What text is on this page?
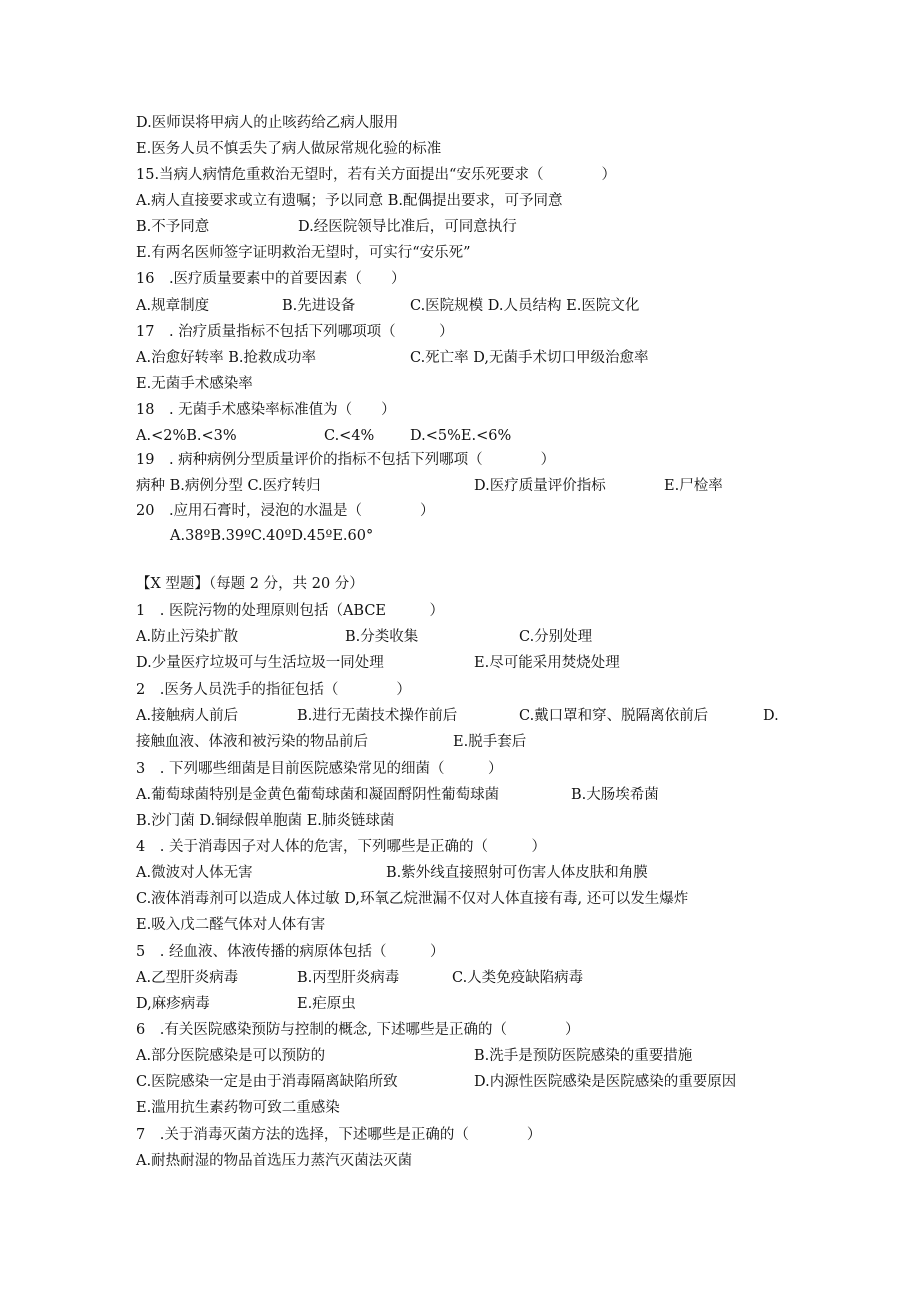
D.医师误将甲病人的止咳药给乙病人服用
E.医务人员不慎丢失了病人做尿常规化验的标准
15.当病人病情危重救治无望时，若有关方面提出“安乐死要求（　　　　）
A.病人直接要求或立有遗嘱；予以同意 B.配偶提出要求，可予同意
B.不予同意	D.经医院领导比准后，可同意执行
E.有两名医师签字证明救治无望时，可实行“安乐死”
16　.医疗质量要素中的首要因素（　　）
A.规章制度	B.先进设备	C.医院规模 D.人员结构 E.医院文化
17　. 治疗质量指标不包括下列哪项项（　　　）
A.治愈好转率 B.抢救成功率	C.死亡率 D,无菌手术切口甲级治愈率
E.无菌手术感染率
18　. 无菌手术感染率标准值为（　　）
A.<2%B.<3%	C.<4% D.<5%E.<6%
19　. 病种病例分型质量评价的指标不包括下列哪项（　　　　）
病种 B.病例分型 C.医疗转归	D.医疗质量评价指标	E.尸检率
20　.应用石膏时，浸泡的水温是（　　　　）
A.38ºB.39ºC.40ºD.45ºE.60°
【X 型题】（每题 2 分，共 20 分）
1　. 医院污物的处理原则包括（ABCE　　　）
A.防止污染扩散	B.分类收集	C.分别处理
D.少量医疗垃圾可与生活垃圾一同处理	E.尽可能采用焚烧处理
2　.医务人员洗手的指征包括（　　　　）
A.接触病人前后	B.进行无菌技术操作前后	C.戴口罩和穿、脱隔离依前后	D.
接触血液、体液和被污染的物品前后	E.脱手套后
3　. 下列哪些细菌是目前医院感染常见的细菌（　　　）
A.葡萄球菌特别是金黄色葡萄球菌和凝固酹阴性葡萄球菌	B.大肠埃希菌
B.沙门菌 D.铜绿假单胞菌 E.肺炎链球菌
4　. 关于消毒因子对人体的危害，下列哪些是正确的（　　　）
A.微波对人体无害	B.紫外线直接照射可伤害人体皮肤和角膜
C.液体消毒剂可以造成人体过敏 D,环氧乙烷泄漏不仅对人体直接有毒, 还可以发生爆炸
E.吸入戊二醛气体对人体有害
5　. 经血液、体液传播的病原体包括（　　　）
A.乙型肝炎病毒	B.丙型肝炎病毒	C.人类免疫缺陷病毒
D,麻疹病毒	E.疟原虫
6　.有关医院感染预防与控制的概念, 下述哪些是正确的（　　　　）
A.部分医院感染是可以预防的	B.洗手是预防医院感染的重要措施
C.医院感染一定是由于消毒隔离缺陷所致	D.内源性医院感染是医院感染的重要原因
E.滥用抗生素药物可致二重感染
7　.关于消毒灭菌方法的选择，下述哪些是正确的（　　　　）
A.耐热耐湿的物品首选压力蒸汽灭菌法灭菌
